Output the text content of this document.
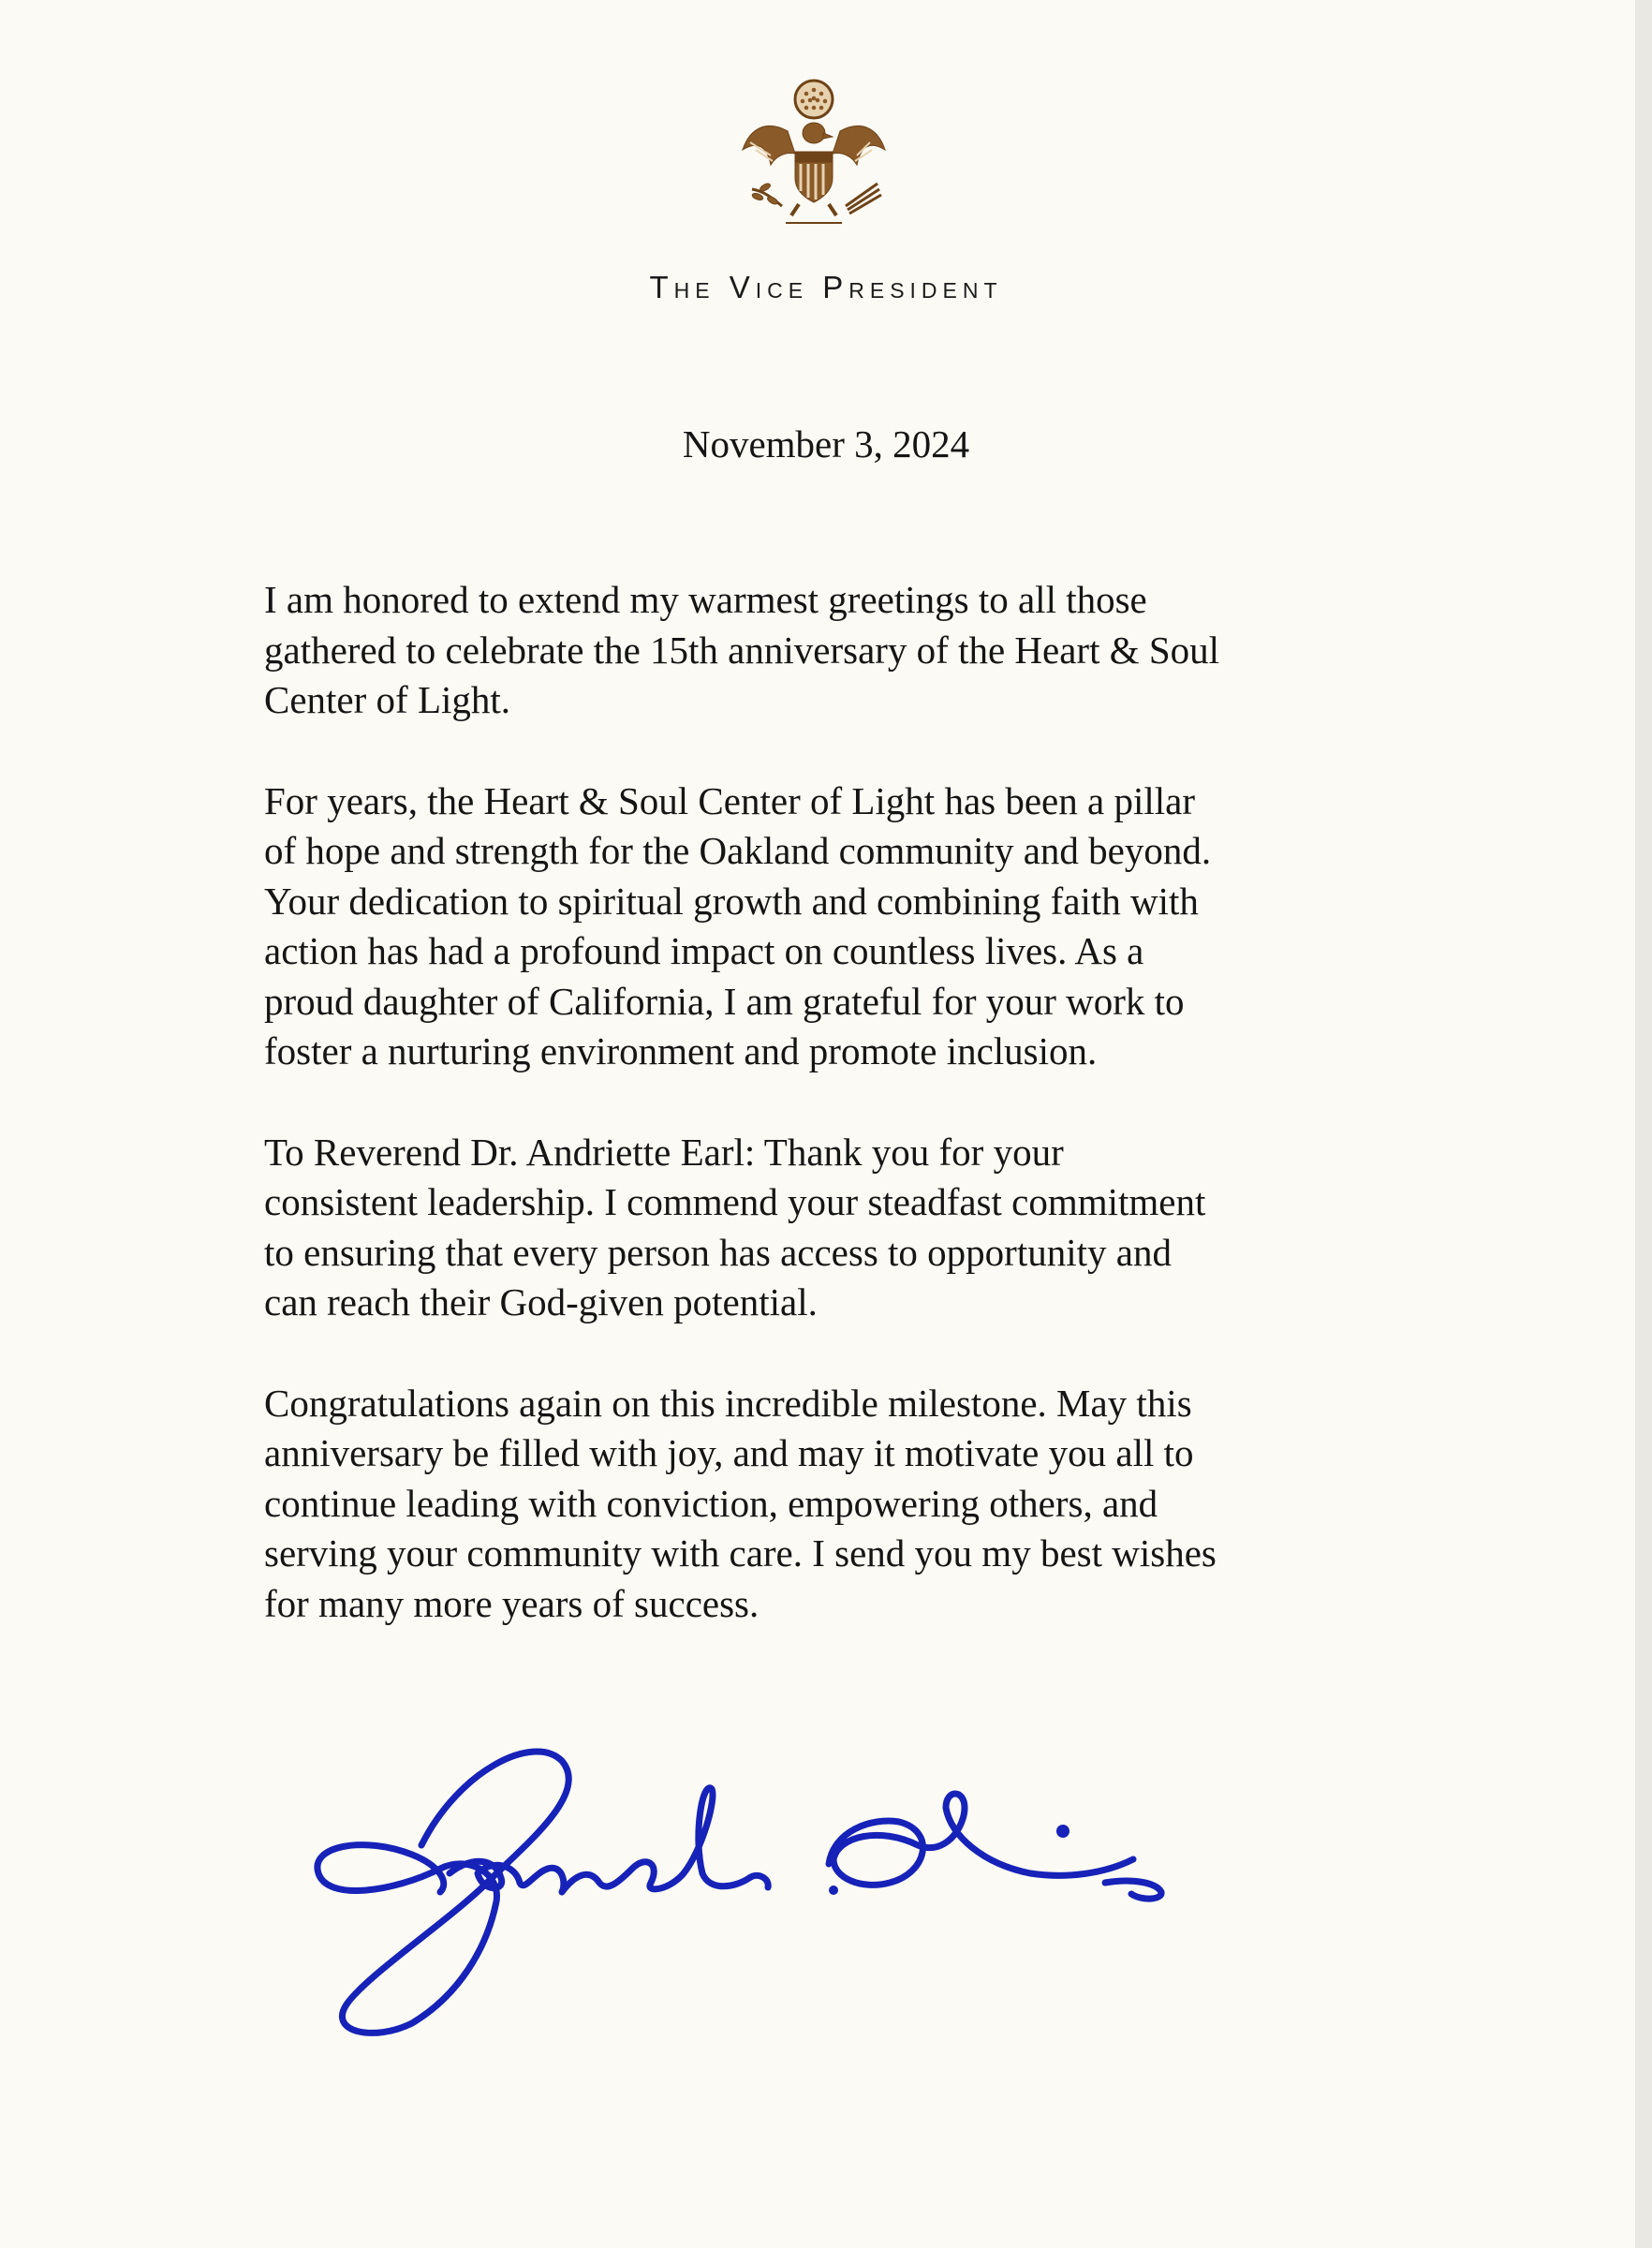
The Vice President
November 3, 2024

I am honored to extend my warmest greetings to all those
gathered to celebrate the 15th anniversary of the Heart & Soul
Center of Light.

For years, the Heart & Soul Center of Light has been a pillar
of hope and strength for the Oakland community and beyond.
Your dedication to spiritual growth and combining faith with
action has had a profound impact on countless lives. As a
proud daughter of California, I am grateful for your work to
foster a nurturing environment and promote inclusion.

To Reverend Dr. Andriette Earl: Thank you for your
consistent leadership. I commend your steadfast commitment
to ensuring that every person has access to opportunity and
can reach their God-given potential.

Congratulations again on this incredible milestone. May this
anniversary be filled with joy, and may it motivate you all to
continue leading with conviction, empowering others, and
serving your community with care. I send you my best wishes
for many more years of success.
